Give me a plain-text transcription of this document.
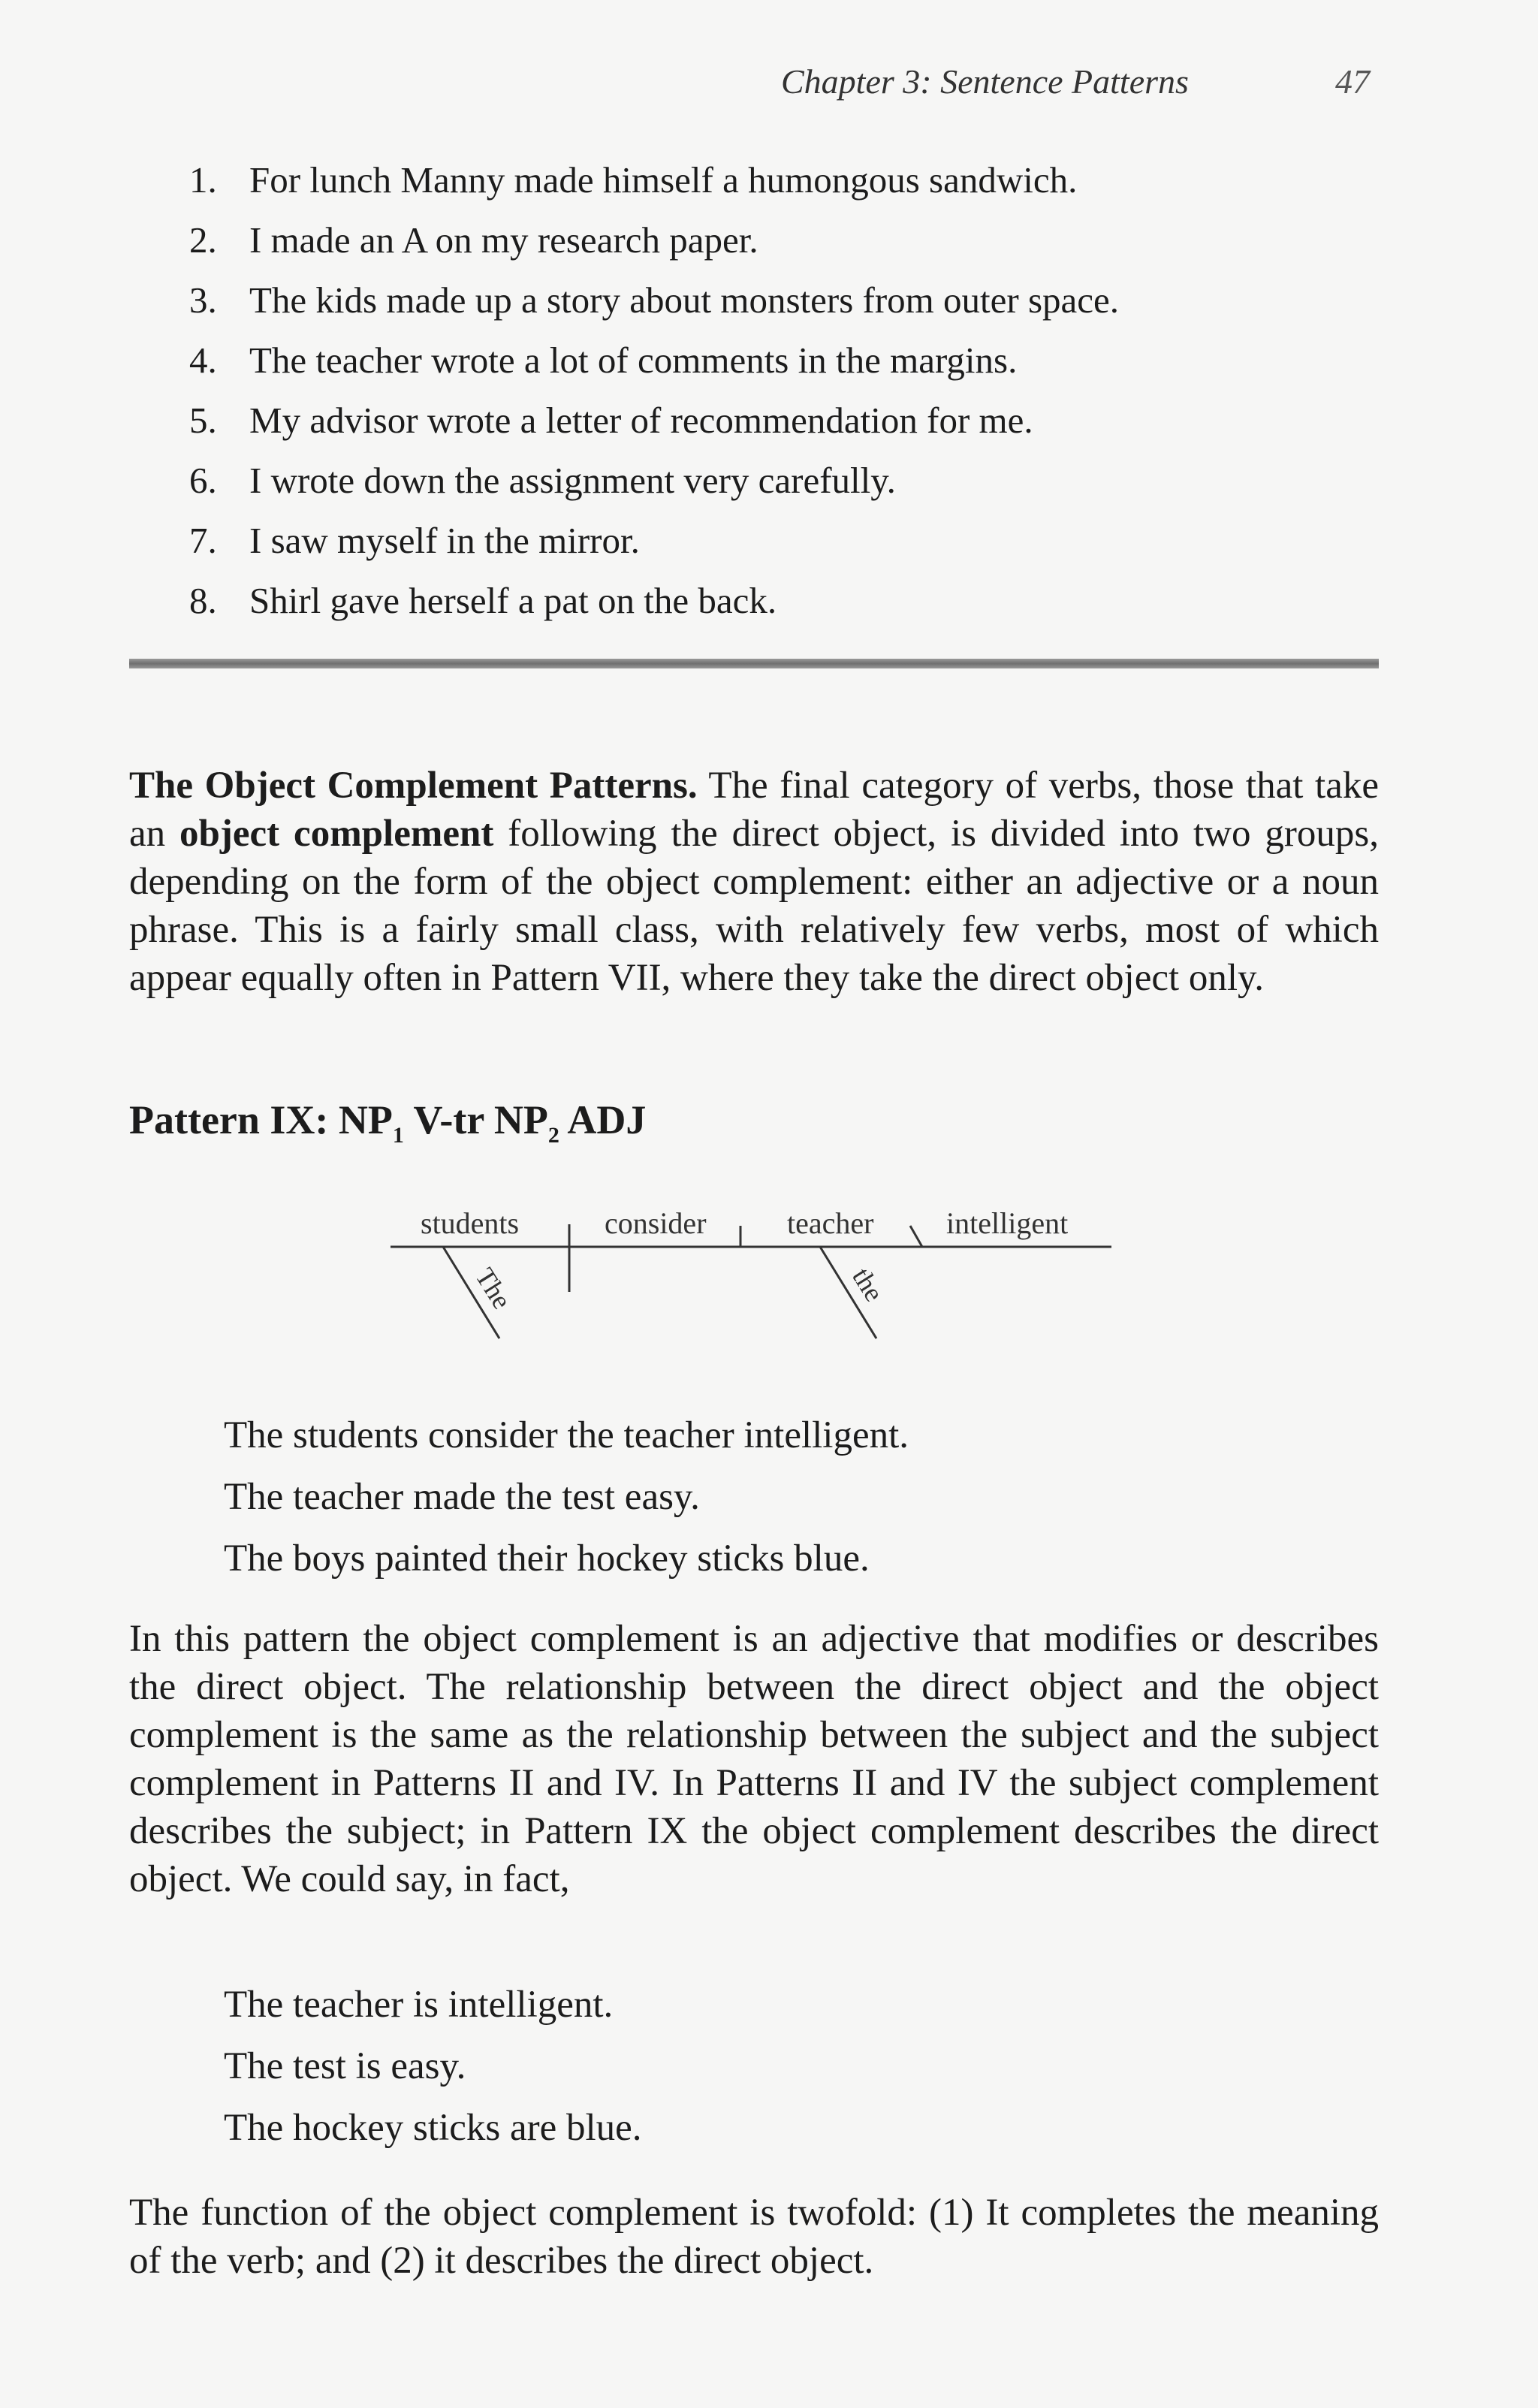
Chapter 3: Sentence Patterns	47
1. For lunch Manny made himself a humongous sandwich.
2. I made an A on my research paper.
3. The kids made up a story about monsters from outer space.
4. The teacher wrote a lot of comments in the margins.
5. My advisor wrote a letter of recommendation for me.
6. I wrote down the assignment very carefully.
7. I saw myself in the mirror.
8. Shirl gave herself a pat on the back.

The Object Complement Patterns. The final category of verbs, those that take an object complement following the direct object, is divided into two groups, depending on the form of the object complement: either an adjective or a noun phrase. This is a fairly small class, with relatively few verbs, most of which appear equally often in Pattern VII, where they take the direct object only.

Pattern IX: $NP_1$ V-tr $NP_2$ ADJ
students	consider	teacher intelligent
The	the
The students consider the teacher intelligent.
The teacher made the test easy.
The boys painted their hockey sticks blue.

In this pattern the object complement is an adjective that modifies or describes the direct object. The relationship between the direct object and the object complement is the same as the relationship between the subject and the subject complement in Patterns II and IV. In Patterns II and IV the subject complement describes the subject; in Pattern IX the object complement describes the direct object. We could say, in fact,

The teacher is intelligent.
The test is easy.
The hockey sticks are blue.

The function of the object complement is twofold: (1) It completes the meaning of the verb; and (2) it describes the direct object.
